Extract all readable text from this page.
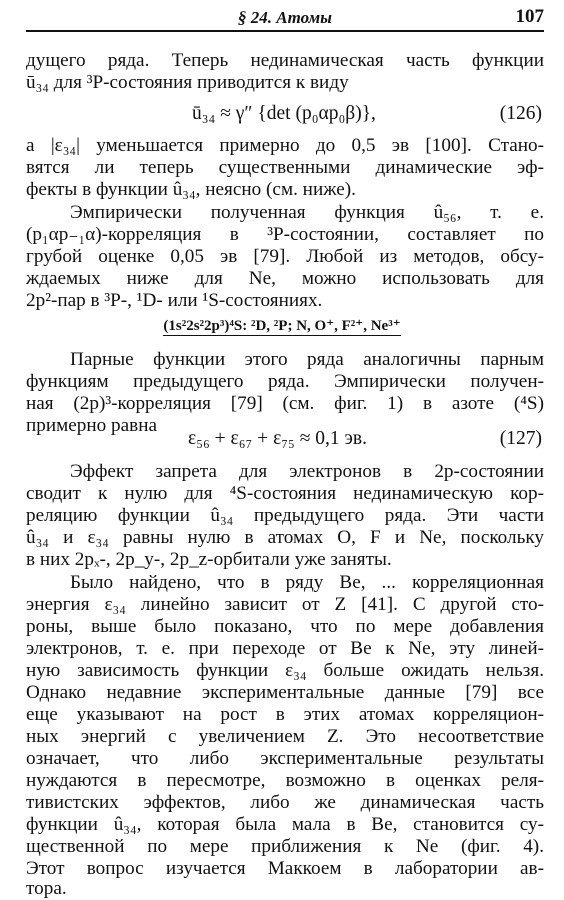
§ 24. Атомы	107
дущего ряда. Теперь нединамическая часть функции
ū₃₄ для ³P-состояния приводится к виду
ū₃₄ ≈ γ″ {det (p₀αp₀β)},	(126)
а |ε₃₄| уменьшается примерно до 0,5 эв [100]. Стано-
вятся ли теперь существенными динамические эф-
фекты в функции û₃₄, неясно (см. ниже).
Эмпирически полученная функция û₅₆, т. е.
(p₁αp₋₁α)-корреляция в ³P-состоянии, составляет по
грубой оценке 0,05 эв [79]. Любой из методов, обсу-
ждаемых ниже для Ne, можно использовать для
2p²-пар в ³P-, ¹D- или ¹S-состояниях.
(1s²2s²2p³)⁴S: ²D, ²P; N, O⁺, F²⁺, Ne³⁺
Парные функции этого ряда аналогичны парным
функциям предыдущего ряда. Эмпирически получен-
ная (2p)³-корреляция [79] (см. фиг. 1) в азоте (⁴S)
примерно равна
ε₅₆ + ε₆₇ + ε₇₅ ≈ 0,1 эв.	(127)
Эффект запрета для электронов в 2p-состоянии
сводит к нулю для ⁴S-состояния нединамическую кор-
реляцию функции û₃₄ предыдущего ряда. Эти части
û₃₄ и ε₃₄ равны нулю в атомах O, F и Ne, поскольку
в них 2pₓ-, 2p_y-, 2p_z-орбитали уже заняты.
Было найдено, что в ряду Be, ... корреляционная
энергия ε₃₄ линейно зависит от Z [41]. С другой сто-
роны, выше было показано, что по мере добавления
электронов, т. е. при переходе от Be к Ne, эту линей-
ную зависимость функции ε₃₄ больше ожидать нельзя.
Однако недавние экспериментальные данные [79] все
еще указывают на рост в этих атомах корреляцион-
ных энергий с увеличением Z. Это несоответствие
означает, что либо экспериментальные результаты
нуждаются в пересмотре, возможно в оценках реля-
тивистских эффектов, либо же динамическая часть
функции û₃₄, которая была мала в Be, становится су-
щественной по мере приближения к Ne (фиг. 4).
Этот вопрос изучается Маккоем в лаборатории ав-
тора.
